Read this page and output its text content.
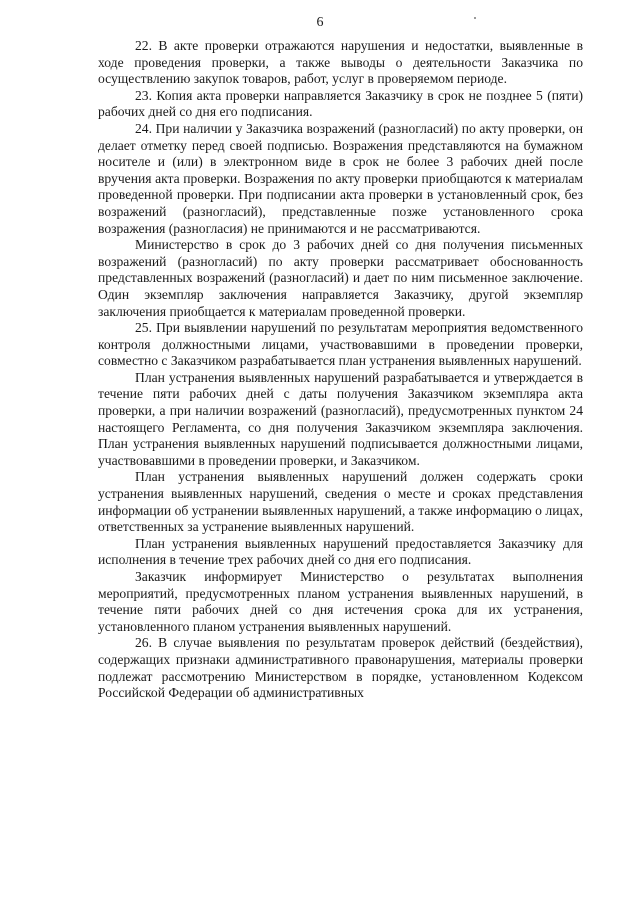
6

22. В акте проверки отражаются нарушения и недостатки, выявленные в ходе проведения проверки, а также выводы о деятельности Заказчика по осуществлению закупок товаров, работ, услуг в проверяемом периоде.

23. Копия акта проверки направляется Заказчику в срок не позднее 5 (пяти) рабочих дней со дня его подписания.

24. При наличии у Заказчика возражений (разногласий) по акту проверки, он делает отметку перед своей подписью. Возражения представляются на бумажном носителе и (или) в электронном виде в срок не более 3 рабочих дней после вручения акта проверки. Возражения по акту проверки приобщаются к материалам проведенной проверки. При подписании акта проверки в установленный срок, без возражений (разногласий), представленные позже установленного срока возражения (разногласия) не принимаются и не рассматриваются.

Министерство в срок до 3 рабочих дней со дня получения письменных возражений (разногласий) по акту проверки рассматривает обоснованность представленных возражений (разногласий) и дает по ним письменное заключение. Один экземпляр заключения направляется Заказчику, другой экземпляр заключения приобщается к материалам проведенной проверки.

25. При выявлении нарушений по результатам мероприятия ведомственного контроля должностными лицами, участвовавшими в проведении проверки, совместно с Заказчиком разрабатывается план устранения выявленных нарушений.

План устранения выявленных нарушений разрабатывается и утверждается в течение пяти рабочих дней с даты получения Заказчиком экземпляра акта проверки, а при наличии возражений (разногласий), предусмотренных пунктом 24 настоящего Регламента, со дня получения Заказчиком экземпляра заключения. План устранения выявленных нарушений подписывается должностными лицами, участвовавшими в проведении проверки, и Заказчиком.

План устранения выявленных нарушений должен содержать сроки устранения выявленных нарушений, сведения о месте и сроках представления информации об устранении выявленных нарушений, а также информацию о лицах, ответственных за устранение выявленных нарушений.

План устранения выявленных нарушений предоставляется Заказчику для исполнения в течение трех рабочих дней со дня его подписания.

Заказчик информирует Министерство о результатах выполнения мероприятий, предусмотренных планом устранения выявленных нарушений, в течение пяти рабочих дней со дня истечения срока для их устранения, установленного планом устранения выявленных нарушений.

26. В случае выявления по результатам проверок действий (бездействия), содержащих признаки административного правонарушения, материалы проверки подлежат рассмотрению Министерством в порядке, установленном Кодексом Российской Федерации об административных
